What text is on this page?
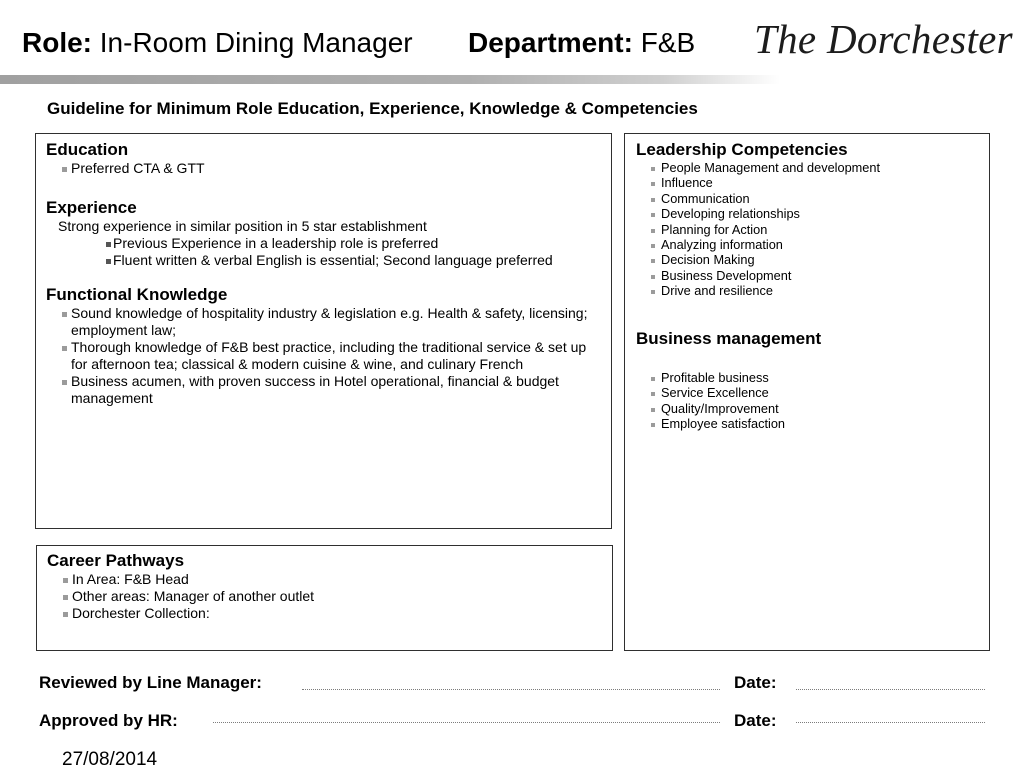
Role: In-Room Dining Manager Department: F&B The Dorchester
Guideline for Minimum Role Education, Experience, Knowledge & Competencies
Education
Preferred CTA & GTT
Experience
Strong experience in similar position in 5 star establishment
Previous Experience in a leadership role is preferred
Fluent written & verbal English is essential; Second language preferred
Functional Knowledge
Sound knowledge of hospitality industry & legislation e.g. Health & safety, licensing; employment law;
Thorough knowledge of F&B best practice, including the traditional service & set up for afternoon tea; classical & modern cuisine & wine, and culinary French
Business acumen, with proven success in Hotel operational, financial & budget management
Career Pathways
In Area: F&B Head
Other areas: Manager of another outlet
Dorchester Collection:
Leadership Competencies
People Management and development
Influence
Communication
Developing relationships
Planning for Action
Analyzing information
Decision Making
Business Development
Drive and resilience
Business management
Profitable business
Service Excellence
Quality/Improvement
Employee satisfaction
Reviewed by Line Manager:	Date:
Approved by HR:	Date:
27/08/2014
